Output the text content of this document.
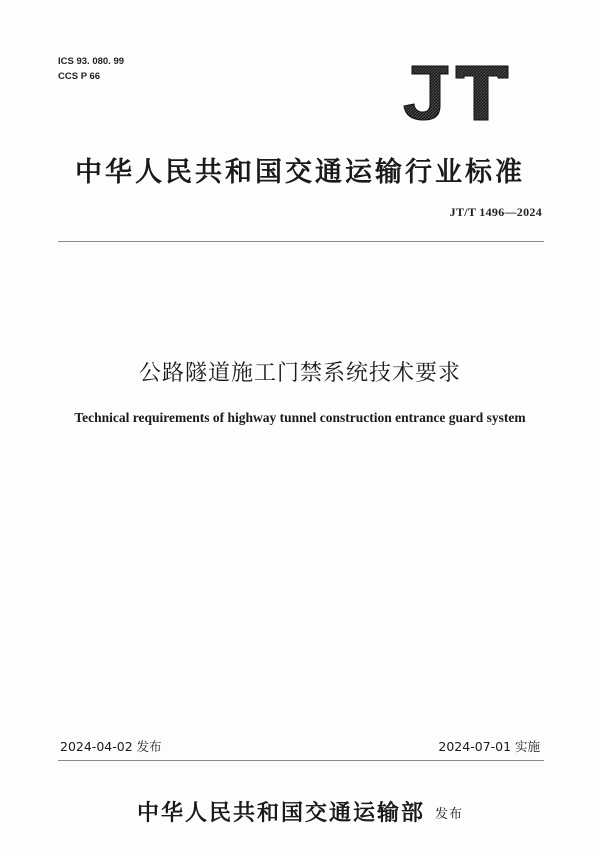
ICS 93. 080. 99
CCS P 66
中华人民共和国交通运输行业标准
JT/T 1496—2024
公路隧道施工门禁系统技术要求
Technical requirements of highway tunnel construction entrance guard system
2024-04-02 发布	2024-07-01 实施
中华人民共和国交通运输部 发布
